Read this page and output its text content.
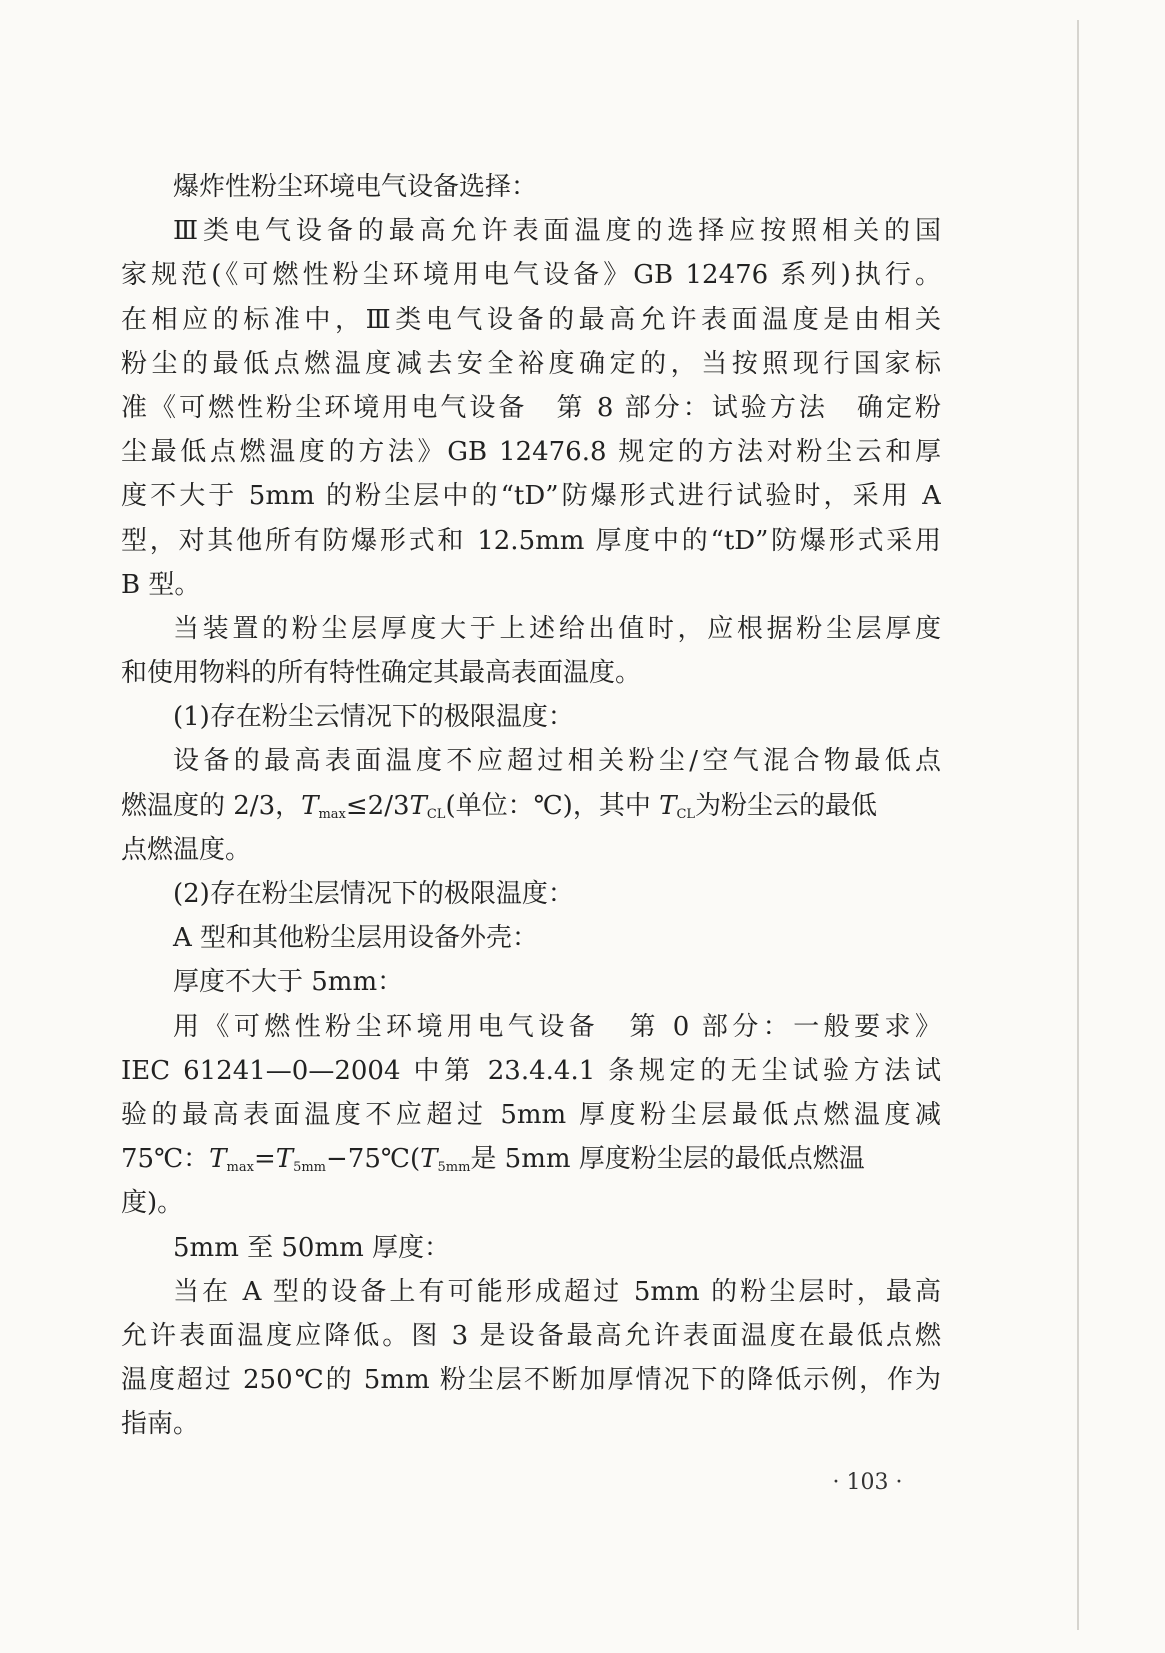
爆炸性粉尘环境电气设备选择：
Ⅲ类电气设备的最高允许表面温度的选择应按照相关的国
家规范(《可燃性粉尘环境用电气设备》GB 12476 系列)执行。
在相应的标准中，Ⅲ类电气设备的最高允许表面温度是由相关
粉尘的最低点燃温度减去安全裕度确定的，当按照现行国家标
准《可燃性粉尘环境用电气设备　第 8 部分：试验方法　确定粉
尘最低点燃温度的方法》GB 12476.8 规定的方法对粉尘云和厚
度不大于 5mm 的粉尘层中的“tD”防爆形式进行试验时，采用 A
型，对其他所有防爆形式和 12.5mm 厚度中的“tD”防爆形式采用
B 型。
当装置的粉尘层厚度大于上述给出值时，应根据粉尘层厚度
和使用物料的所有特性确定其最高表面温度。
(1)存在粉尘云情况下的极限温度：
设备的最高表面温度不应超过相关粉尘/空气混合物最低点
燃温度的 2/3，$T_{max}\le 2/3T_{CL}$(单位：℃)，其中 $T_{CL}$为粉尘云的最低
点燃温度。
(2)存在粉尘层情况下的极限温度：
A 型和其他粉尘层用设备外壳：
厚度不大于 5mm：
用《可燃性粉尘环境用电气设备　第 0 部分：一般要求》
IEC 61241—0—2004 中第 23.4.4.1 条规定的无尘试验方法试
验的最高表面温度不应超过 5mm 厚度粉尘层最低点燃温度减
75℃：$T_{max}=T_{5mm}-75℃(T_{5mm}$是 5mm 厚度粉尘层的最低点燃温
度)。
5mm 至 50mm 厚度：
当在 A 型的设备上有可能形成超过 5mm 的粉尘层时，最高
允许表面温度应降低。图 3 是设备最高允许表面温度在最低点燃
温度超过 250℃的 5mm 粉尘层不断加厚情况下的降低示例，作为
指南。
· 103 ·
